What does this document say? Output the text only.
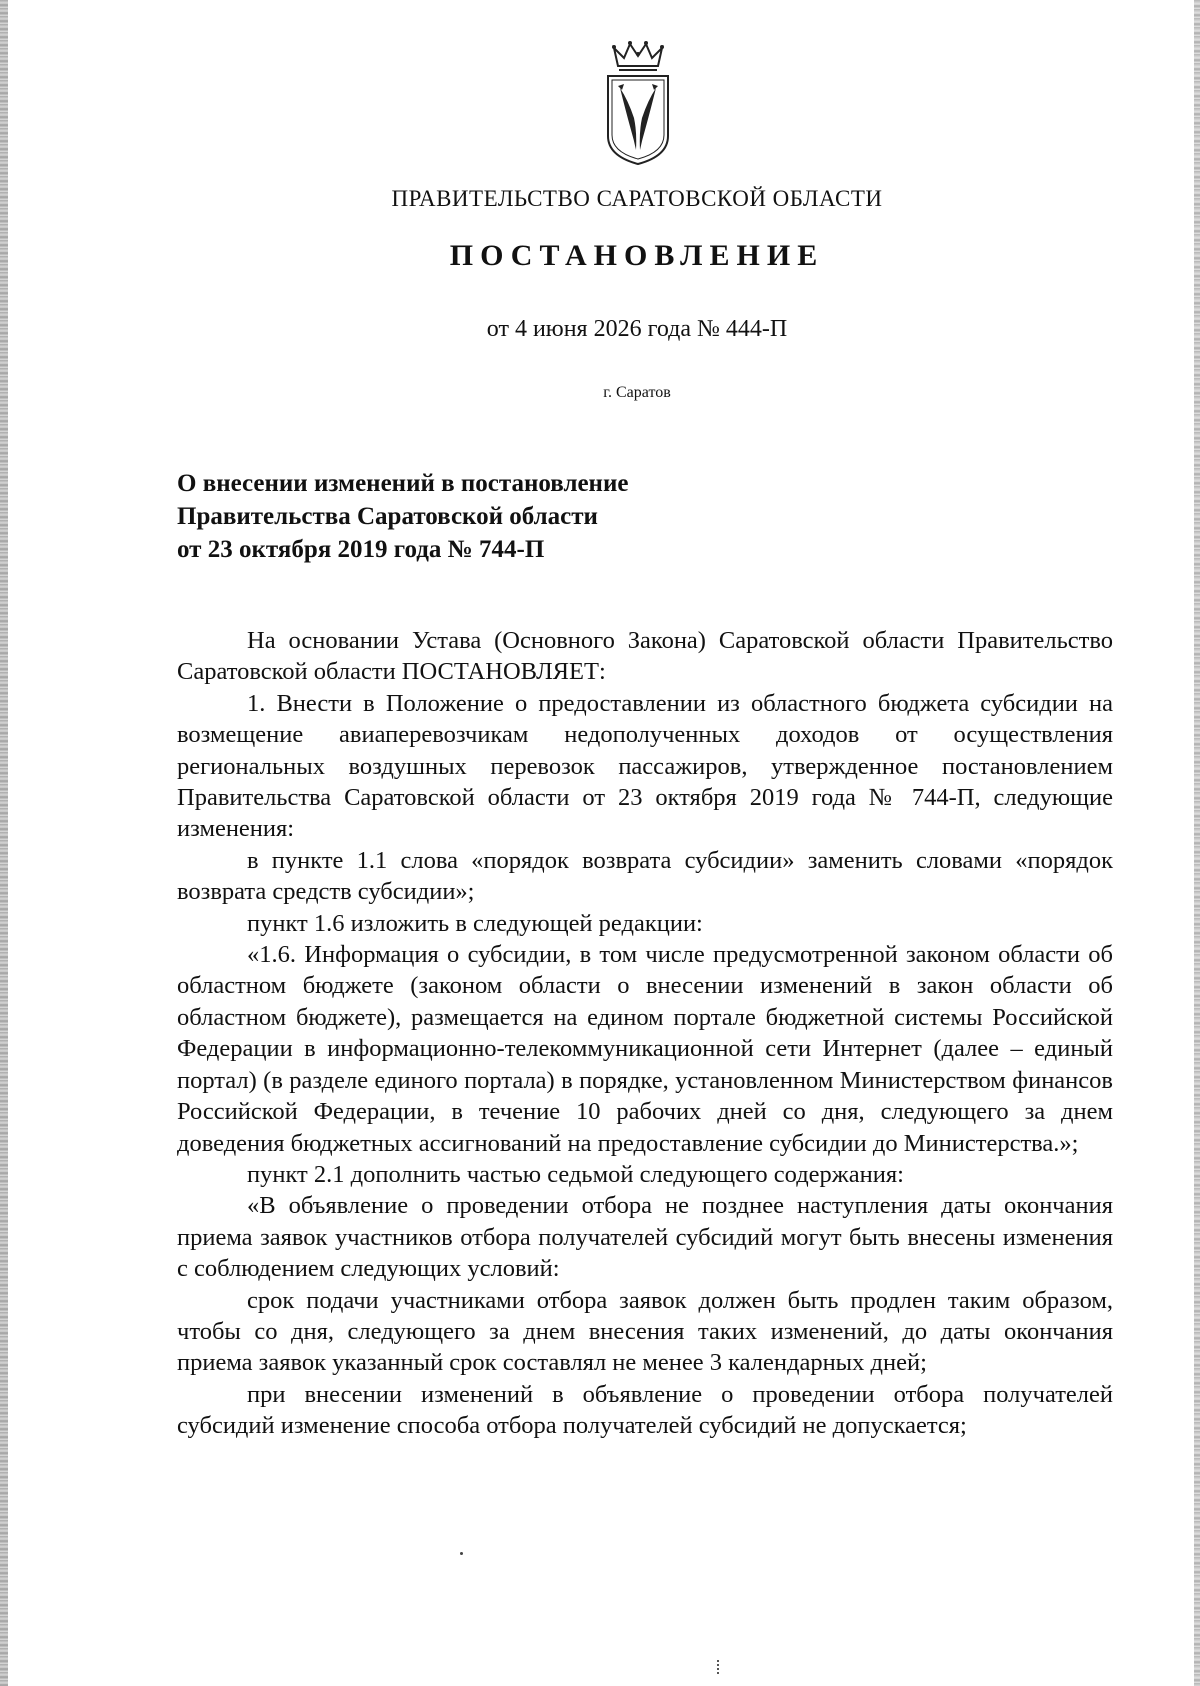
ПРАВИТЕЛЬСТВО САРАТОВСКОЙ ОБЛАСТИ
ПОСТАНОВЛЕНИЕ
от 4 июня 2026 года № 444-П
г. Саратов
О внесении изменений в постановление
Правительства Саратовской области
от 23 октября 2019 года № 744-П

На основании Устава (Основного Закона) Саратовской области Правительство Саратовской области ПОСТАНОВЛЯЕТ:

1. Внести в Положение о предоставлении из областного бюджета субсидии на возмещение авиаперевозчикам недополученных доходов от осуществления региональных воздушных перевозок пассажиров, утвержденное постановлением Правительства Саратовской области от 23 октября 2019 года № 744-П, следующие изменения:

в пункте 1.1 слова «порядок возврата субсидии» заменить словами «порядок возврата средств субсидии»;

пункт 1.6 изложить в следующей редакции:

«1.6. Информация о субсидии, в том числе предусмотренной законом области об областном бюджете (законом области о внесении изменений в закон области об областном бюджете), размещается на едином портале бюджетной системы Российской Федерации в информационно-телекоммуникационной сети Интернет (далее – единый портал) (в разделе единого портала) в порядке, установленном Министерством финансов Российской Федерации, в течение 10 рабочих дней со дня, следующего за днем доведения бюджетных ассигнований на предоставление субсидии до Министерства.»;

пункт 2.1 дополнить частью седьмой следующего содержания:

«В объявление о проведении отбора не позднее наступления даты окончания приема заявок участников отбора получателей субсидий могут быть внесены изменения с соблюдением следующих условий:

срок подачи участниками отбора заявок должен быть продлен таким образом, чтобы со дня, следующего за днем внесения таких изменений, до даты окончания приема заявок указанный срок составлял не менее 3 календарных дней;

при внесении изменений в объявление о проведении отбора получателей субсидий изменение способа отбора получателей субсидий не допускается;
